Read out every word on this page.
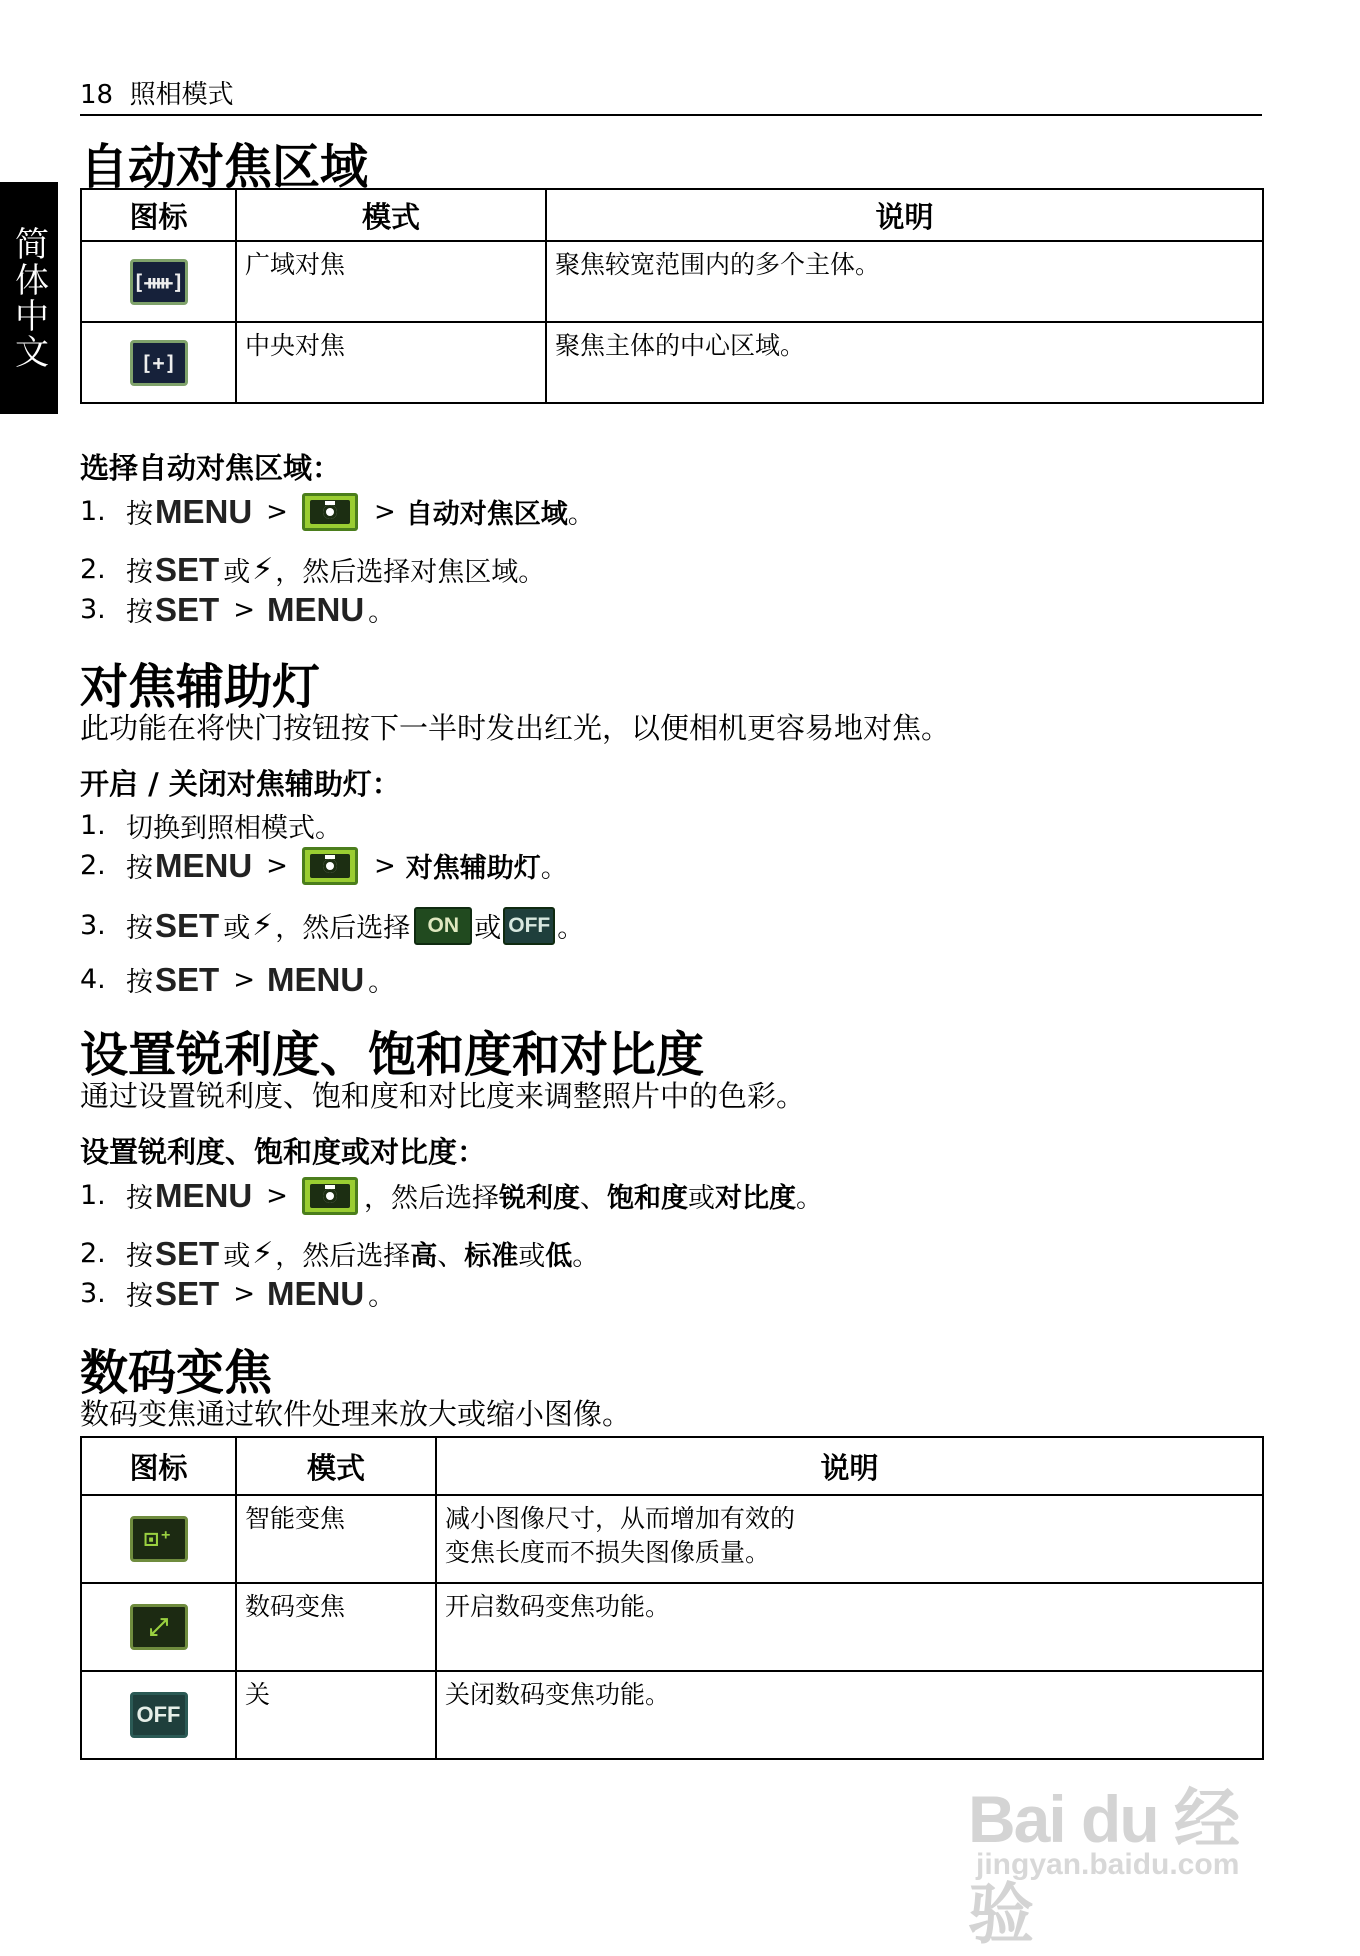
简体中文
18 照相模式
自动对焦区域
图标	模式	说明
[ᚔ]	广域对焦	聚焦较宽范围内的多个主体。
[+]	中央对焦	聚焦主体的中心区域。
选择自动对焦区域：
1. 按 MENU >	> 自动对焦区域 。
2. 按 SET 或 ⚡ ，然后选择对焦区域。
3. 按 SET > MENU 。
对焦辅助灯
此功能在将快门按钮按下一半时发出红光，以便相机更容易地对焦。
开启 / 关闭对焦辅助灯：
1. 切换到照相模式。
2. 按 MENU >	> 对焦辅助灯 。
3. 按 SET 或 ⚡ ，然后选择 ON 或 OFF 。
4. 按 SET > MENU 。
设置锐利度、饱和度和对比度
通过设置锐利度、饱和度和对比度来调整照片中的色彩。
设置锐利度、饱和度或对比度：
1. 按 MENU >	，然后选择 锐利度 、 饱和度 或 对比度 。
2. 按 SET 或 ⚡ ，然后选择 高 、 标准 或 低 。
3. 按 SET > MENU 。
数码变焦
数码变焦通过软件处理来放大或缩小图像。
图标	模式	说明
⊡⁺	智能变焦	减小图像尺寸，从而增加有效的
变焦长度而不损失图像质量。

⤢	数码变焦	开启数码变焦功能。
OFF	关	关闭数码变焦功能。
Bai du 经验
jingyan.baidu.com
